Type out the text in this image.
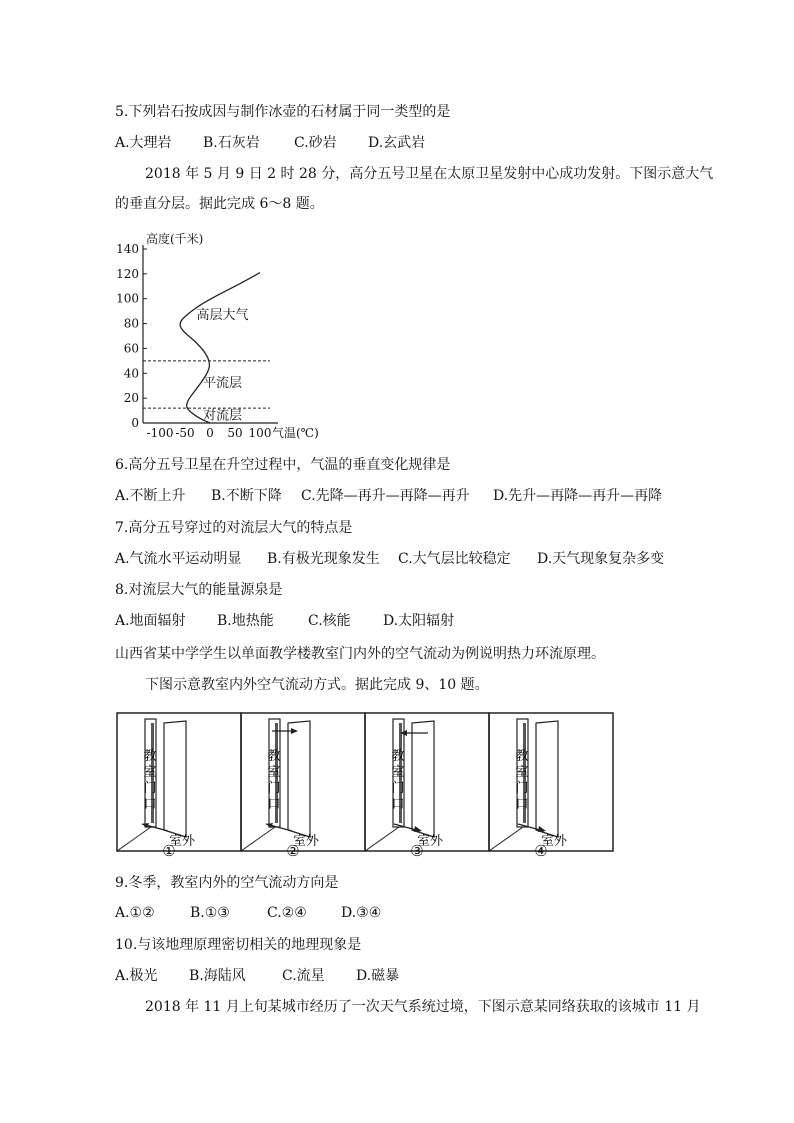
5.下列岩石按成因与制作冰壶的石材属于同一类型的是
A.大理岩 B.石灰岩 C.砂岩 D.玄武岩
2018 年 5 月 9 日 2 时 28 分，高分五号卫星在太原卫星发射中心成功发射。下图示意大气
的垂直分层。据此完成 6～8 题。
0
20
40
60
80
100
120
140
-100 -50 0 50 100
高度(千米)
气温(℃)
对流层
平流层
高层大气
6.高分五号卫星在升空过程中，气温的垂直变化规律是
A.不断上升 B.不断下降 C.先降—再升—再降—再升 D.先升—再降—再升—再降
7.高分五号穿过的对流层大气的特点是
A.气流水平运动明显 B.有极光现象发生 C.大气层比较稳定 D.天气现象复杂多变
8.对流层大气的能量源泉是
A.地面辐射 B.地热能 C.核能 D.太阳辐射
山西省某中学学生以单面教学楼教室门内外的空气流动为例说明热力环流原理。
下图示意教室内外空气流动方式。据此完成 9、10 题。
教
室
门
口
室外
教
室
门
口
室外
教
室
门
口
室外
教
室
门
口
室外
①	②	③	④
9.冬季，教室内外的空气流动方向是
A.①②	B.①③	C.②④ D.③④
10.与该地理原理密切相关的地理现象是
A.极光 B.海陆风	C.流星 D.磁暴
2018 年 11 月上旬某城市经历了一次天气系统过境，下图示意某同络获取的该城市 11 月
